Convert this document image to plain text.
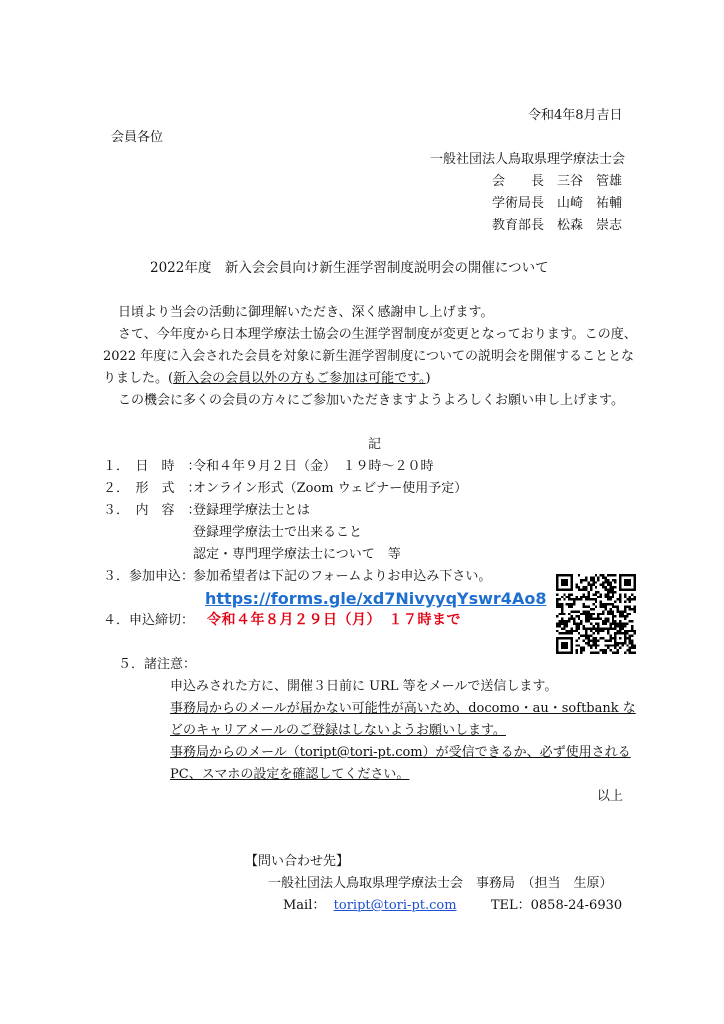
令和4年8月吉日
会員各位
一般社団法人鳥取県理学療法士会
会　　長 三谷　管雄
学術局長 山崎　祐輔
教育部長 松森　崇志
2022年度　新入会会員向け新生涯学習制度説明会の開催について
日頃より当会の活動に御理解いただき、深く感謝申し上げます。
さて、今年度から日本理学療法士協会の生涯学習制度が変更となっております。この度、
2022 年度に入会された会員を対象に新生涯学習制度についての説明会を開催することとな
りました。(新入会の会員以外の方もご参加は可能です。)
この機会に多くの会員の方々にご参加いただきますようよろしくお願い申し上げます。
記
１．　日　時　：
令和４年９月２日（金）　１９時～２０時
２．　形　式　：
オンライン形式（Zoom ウェビナー使用予定）
３．　内　容　：
登録理学療法士とは
登録理学療法士で出来ること
認定・専門理学療法士について　等
３．参加申込：
参加希望者は下記のフォームよりお申込み下さい。
https://forms.gle/xd7NivyyqYswr4Ao8
４．申込締切： 令和４年８月２９日（月）　１７時まで
５．諸注意：
申込みされた方に、開催３日前に URL 等をメールで送信します。
事務局からのメールが届かない可能性が高いため、docomo・au・softbank な
どのキャリアメールのご登録はしないようお願いします。
事務局からのメール（toript@tori-pt.com）が受信できるか、必ず使用される
PC、スマホの設定を確認してください。
以上
【問い合わせ先】
一般社団法人鳥取県理学療法士会　事務局　（担当　生原）
Mail： toript@tori-pt.com	TEL：0858-24-6930
